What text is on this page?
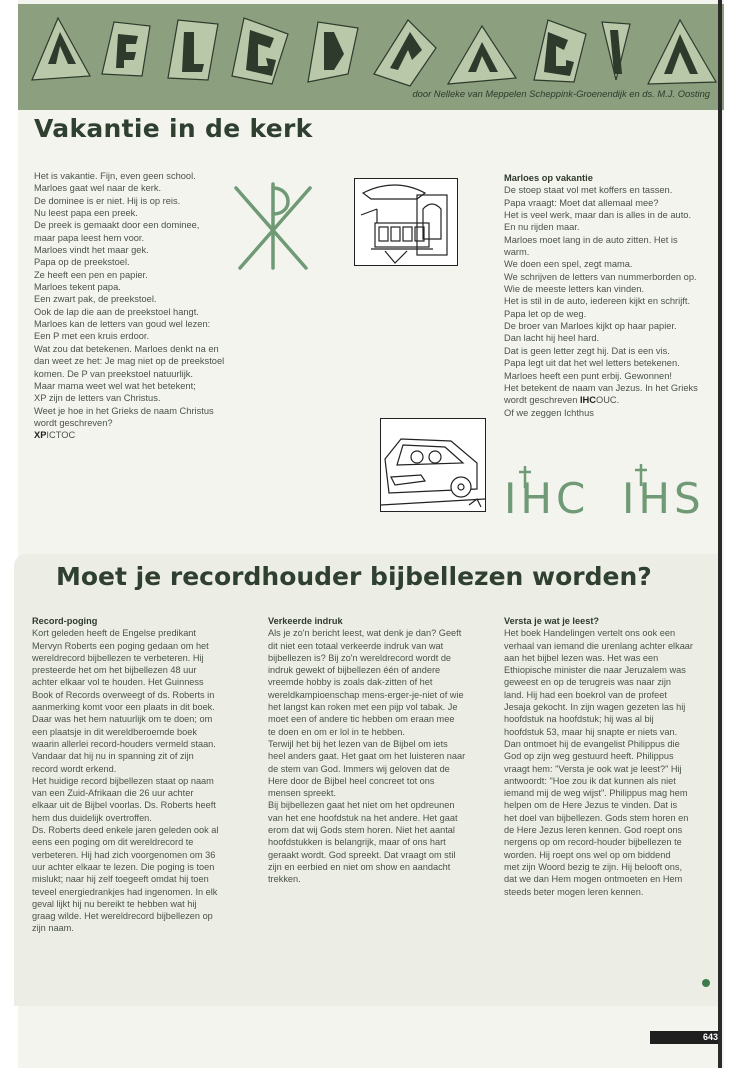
door Nelleke van Meppelen Scheppink-Groenendijk en ds. M.J. Oosting
Vakantie in de kerk
Het is vakantie. Fijn, even geen school.
Marloes gaat wel naar de kerk.
De dominee is er niet. Hij is op reis.
Nu leest papa een preek.
De preek is gemaakt door een dominee,
maar papa leest hem voor.
Marloes vindt het maar gek.
Papa op de preekstoel.
Ze heeft een pen en papier.
Marloes tekent papa.
Een zwart pak, de preekstoel.
Ook de lap die aan de preekstoel hangt.
Marloes kan de letters van goud wel lezen:
Een P met een kruis erdoor.
Wat zou dat betekenen. Marloes denkt na en
dan weet ze het: Je mag niet op de preekstoel
komen. De P van preekstoel natuurlijk.
Maar mama weet wel wat het betekent;
XP zijn de letters van Christus.
Weet je hoe in het Grieks de naam Christus
wordt geschreven?
XPICTOC
Marloes op vakantie
De stoep staat vol met koffers en tassen.
Papa vraagt: Moet dat allemaal mee?
Het is veel werk, maar dan is alles in de auto.
En nu rijden maar.
Marloes moet lang in de auto zitten. Het is
warm.
We doen een spel, zegt mama.
We schrijven de letters van nummerborden op.
Wie de meeste letters kan vinden.
Het is stil in de auto, iedereen kijkt en schrijft.
Papa let op de weg.
De broer van Marloes kijkt op haar papier.
Dan lacht hij heel hard.
Dat is geen letter zegt hij. Dat is een vis.
Papa legt uit dat het wel letters betekenen.
Marloes heeft een punt erbij. Gewonnen!
Het betekent de naam van Jezus. In het Grieks
wordt geschreven IHCOUC.
Of we zeggen Ichthus
IHC IHS
Moet je recordhouder bijbellezen worden?
Record-poging
Kort geleden heeft de Engelse predikant
Mervyn Roberts een poging gedaan om het
wereldrecord bijbellezen te verbeteren. Hij
presteerde het om het bijbellezen 48 uur
achter elkaar vol te houden. Het Guinness
Book of Records overweegt of ds. Roberts in
aanmerking komt voor een plaats in dit boek.
Daar was het hem natuurlijk om te doen; om
een plaatsje in dit wereldberoemde boek
waarin allerlei record-houders vermeld staan.
Vandaar dat hij nu in spanning zit of zijn
record wordt erkend.
Het huidige record bijbellezen staat op naam
van een Zuid-Afrikaan die 26 uur achter
elkaar uit de Bijbel voorlas. Ds. Roberts heeft
hem dus duidelijk overtroffen.
Ds. Roberts deed enkele jaren geleden ook al
eens een poging om dit wereldrecord te
verbeteren. Hij had zich voorgenomen om 36
uur achter elkaar te lezen. Die poging is toen
mislukt; naar hij zelf toegeeft omdat hij toen
teveel energiedrankjes had ingenomen. In elk
geval lijkt hij nu bereikt te hebben wat hij
graag wilde. Het wereldrecord bijbellezen op
zijn naam.
Verkeerde indruk
Als je zo'n bericht leest, wat denk je dan? Geeft
dit niet een totaal verkeerde indruk van wat
bijbellezen is? Bij zo'n wereldrecord wordt de
indruk gewekt of bijbellezen één of andere
vreemde hobby is zoals dak-zitten of het
wereldkampioenschap mens-erger-je-niet of wie
het langst kan roken met een pijp vol tabak. Je
moet een of andere tic hebben om eraan mee
te doen en om er lol in te hebben.
Terwijl het bij het lezen van de Bijbel om iets
heel anders gaat. Het gaat om het luisteren naar
de stem van God. Immers wij geloven dat de
Here door de Bijbel heel concreet tot ons
mensen spreekt.
Bij bijbellezen gaat het niet om het opdreunen
van het ene hoofdstuk na het andere. Het gaat
erom dat wij Gods stem horen. Niet het aantal
hoofdstukken is belangrijk, maar of ons hart
geraakt wordt. God spreekt. Dat vraagt om stil
zijn en eerbied en niet om show en aandacht
trekken.
Versta je wat je leest?
Het boek Handelingen vertelt ons ook een
verhaal van iemand die urenlang achter elkaar
aan het bijbel lezen was. Het was een
Ethiopische minister die naar Jeruzalem was
geweest en op de terugreis was naar zijn
land. Hij had een boekrol van de profeet
Jesaja gekocht. In zijn wagen gezeten las hij
hoofdstuk na hoofdstuk; hij was al bij
hoofdstuk 53, maar hij snapte er niets van.
Dan ontmoet hij de evangelist Philippus die
God op zijn weg gestuurd heeft. Philippus
vraagt hem: "Versta je ook wat je leest?" Hij
antwoordt: "Hoe zou ik dat kunnen als niet
iemand mij de weg wijst". Philippus mag hem
helpen om de Here Jezus te vinden. Dat is
het doel van bijbellezen. Gods stem horen en
de Here Jezus leren kennen. God roept ons
nergens op om record-houder bijbellezen te
worden. Hij roept ons wel op om biddend
met zijn Woord bezig te zijn. Hij belooft ons,
dat we dan Hem mogen ontmoeten en Hem
steeds beter mogen leren kennen.
643
